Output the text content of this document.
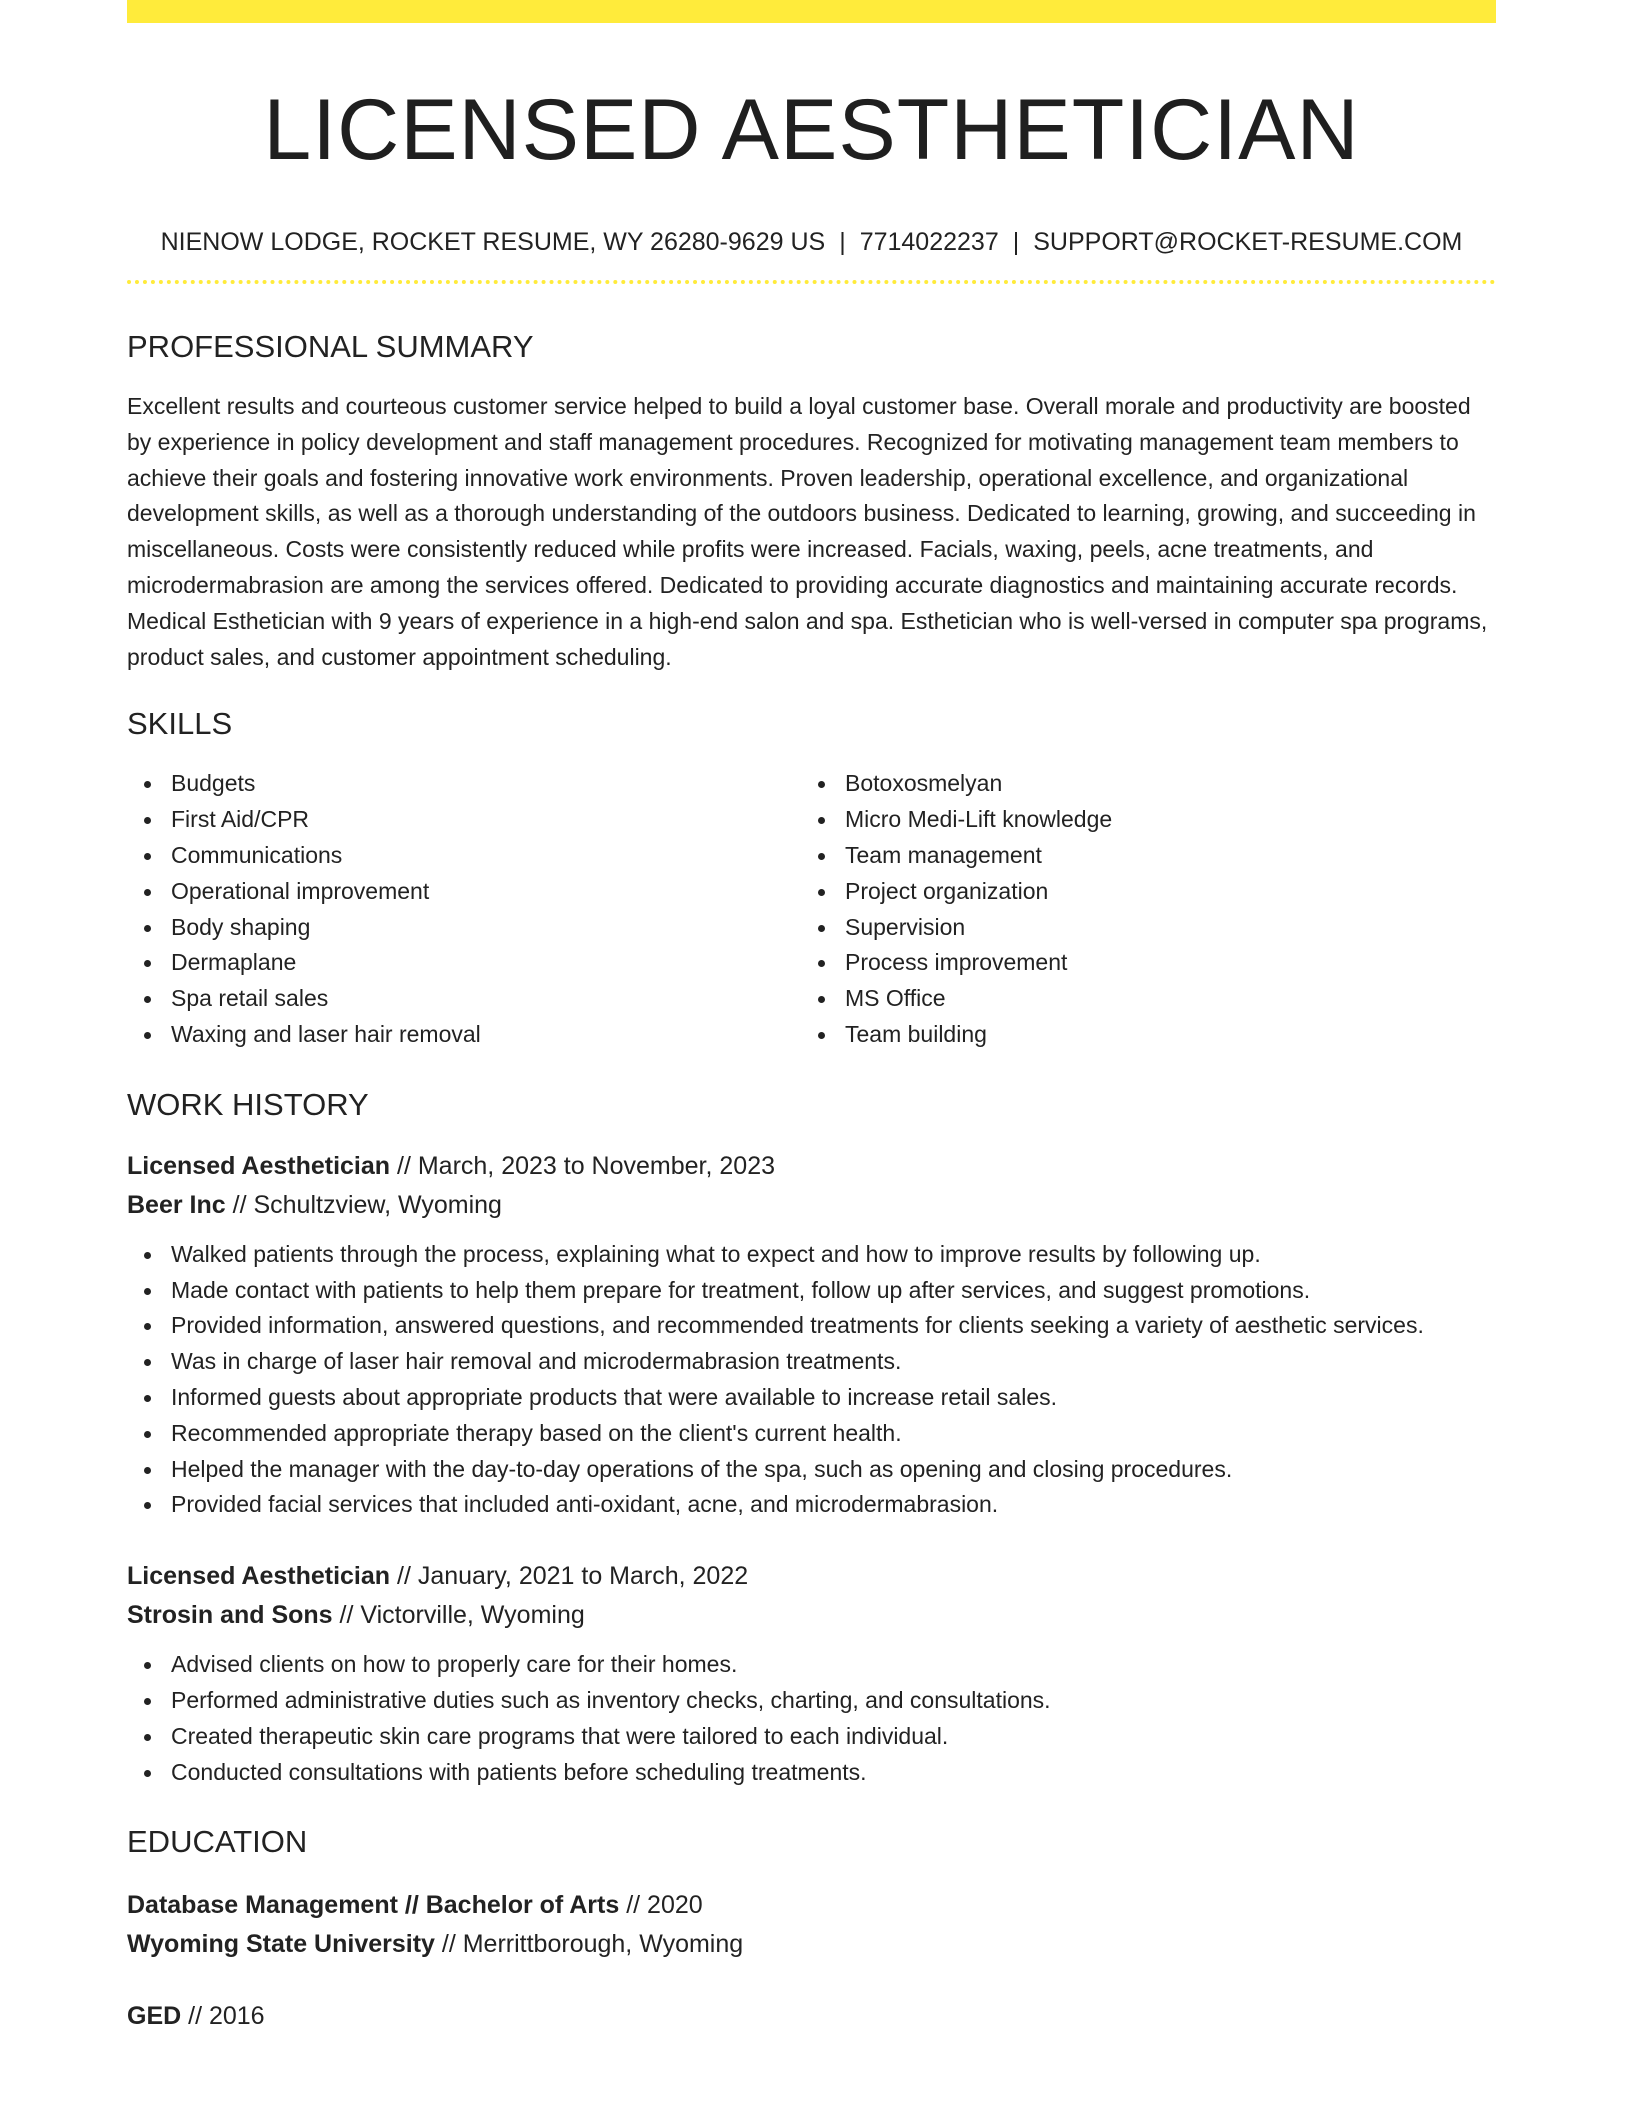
LICENSED AESTHETICIAN
NIENOW LODGE, ROCKET RESUME, WY 26280-9629 US | 7714022237 | SUPPORT@ROCKET-RESUME.COM
PROFESSIONAL SUMMARY

Excellent results and courteous customer service helped to build a loyal customer base. Overall morale and productivity are boosted by experience in policy development and staff management procedures. Recognized for motivating management team members to achieve their goals and fostering innovative work environments. Proven leadership, operational excellence, and organizational development skills, as well as a thorough understanding of the outdoors business. Dedicated to learning, growing, and succeeding in miscellaneous. Costs were consistently reduced while profits were increased. Facials, waxing, peels, acne treatments, and microdermabrasion are among the services offered. Dedicated to providing accurate diagnostics and maintaining accurate records. Medical Esthetician with 9 years of experience in a high-end salon and spa. Esthetician who is well-versed in computer spa programs, product sales, and customer appointment scheduling.

SKILLS
Budgets
First Aid/CPR
Communications
Operational improvement
Body shaping
Dermaplane
Spa retail sales
Waxing and laser hair removal
Botoxosmelyan
Micro Medi-Lift knowledge
Team management
Project organization
Supervision
Process improvement
MS Office
Team building
WORK HISTORY
Licensed Aesthetician // March, 2023 to November, 2023
Beer Inc // Schultzview, Wyoming
Walked patients through the process, explaining what to expect and how to improve results by following up.
Made contact with patients to help them prepare for treatment, follow up after services, and suggest promotions.
Provided information, answered questions, and recommended treatments for clients seeking a variety of aesthetic services.
Was in charge of laser hair removal and microdermabrasion treatments.
Informed guests about appropriate products that were available to increase retail sales.
Recommended appropriate therapy based on the client's current health.
Helped the manager with the day-to-day operations of the spa, such as opening and closing procedures.
Provided facial services that included anti-oxidant, acne, and microdermabrasion.
Licensed Aesthetician // January, 2021 to March, 2022
Strosin and Sons // Victorville, Wyoming
Advised clients on how to properly care for their homes.
Performed administrative duties such as inventory checks, charting, and consultations.
Created therapeutic skin care programs that were tailored to each individual.
Conducted consultations with patients before scheduling treatments.
EDUCATION
Database Management // Bachelor of Arts // 2020
Wyoming State University // Merrittborough, Wyoming
GED // 2016
